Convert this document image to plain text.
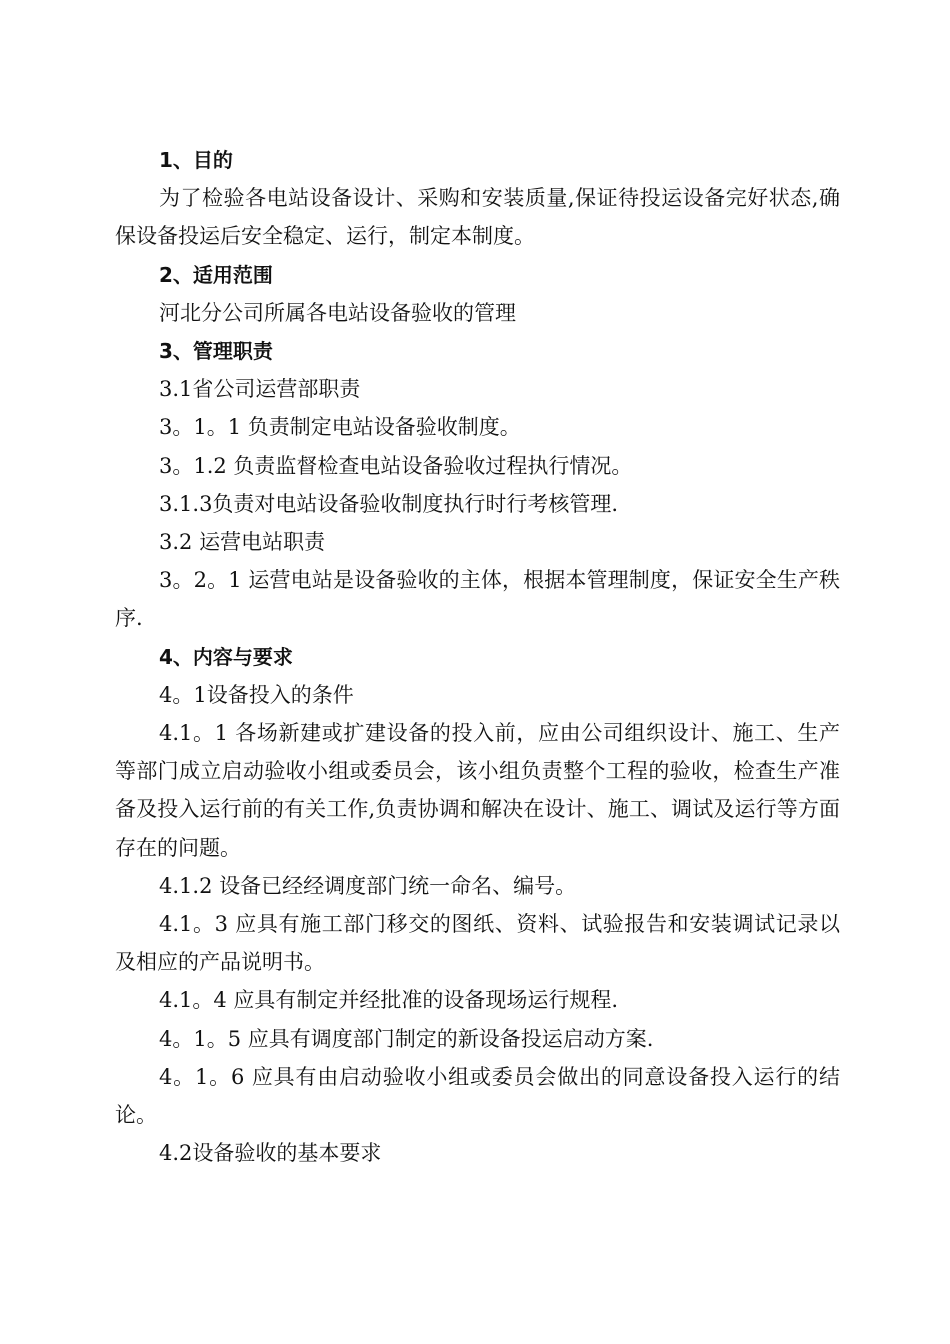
1、目的

为了检验各电站设备设计、采购和安装质量,保证待投运设备完好状态,确保设备投运后安全稳定、运行，制定本制度。

2、适用范围

河北分公司所属各电站设备验收的管理

3、管理职责

3.1省公司运营部职责

3。1。1 负责制定电站设备验收制度。

3。1.2 负责监督检查电站设备验收过程执行情况。

3.1.3负责对电站设备验收制度执行时行考核管理.

3.2 运营电站职责

3。2。1 运营电站是设备验收的主体，根据本管理制度，保证安全生产秩序.

4、内容与要求

4。1设备投入的条件

4.1。1 各场新建或扩建设备的投入前，应由公司组织设计、施工、生产等部门成立启动验收小组或委员会，该小组负责整个工程的验收，检查生产准备及投入运行前的有关工作,负责协调和解决在设计、施工、调试及运行等方面存在的问题。

4.1.2 设备已经经调度部门统一命名、编号。

4.1。3 应具有施工部门移交的图纸、资料、试验报告和安装调试记录以及相应的产品说明书。

4.1。4 应具有制定并经批准的设备现场运行规程.

4。1。5 应具有调度部门制定的新设备投运启动方案.

4。1。6 应具有由启动验收小组或委员会做出的同意设备投入运行的结论。

4.2设备验收的基本要求
